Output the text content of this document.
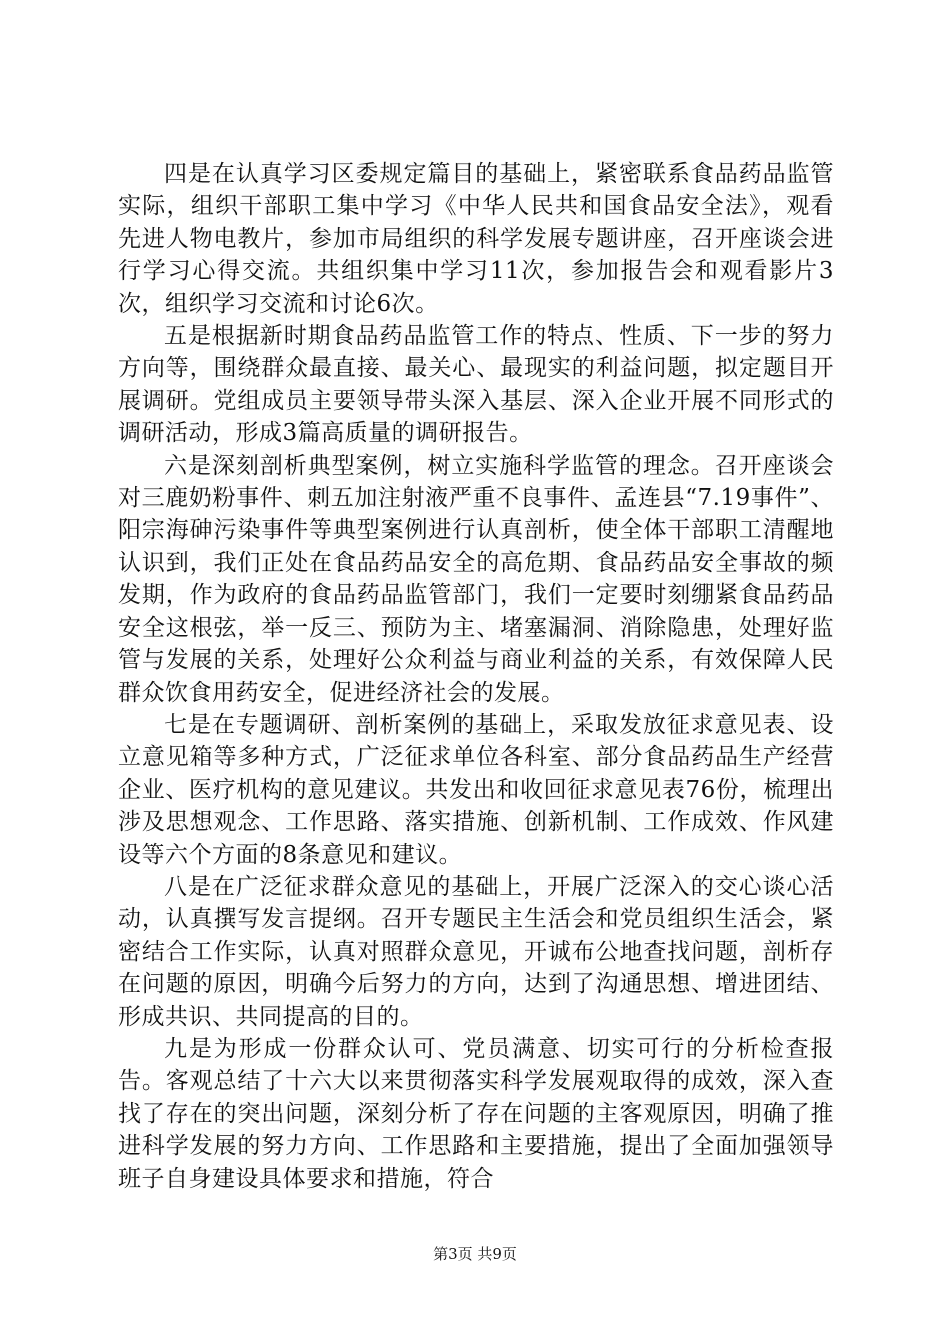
四是在认真学习区委规定篇目的基础上，紧密联系食品药品监管实际，组织干部职工集中学习《中华人民共和国食品安全法》，观看先进人物电教片，参加市局组织的科学发展专题讲座，召开座谈会进行学习心得交流。共组织集中学习11次，参加报告会和观看影片3次，组织学习交流和讨论6次。

五是根据新时期食品药品监管工作的特点、性质、下一步的努力方向等，围绕群众最直接、最关心、最现实的利益问题，拟定题目开展调研。党组成员主要领导带头深入基层、深入企业开展不同形式的调研活动，形成3篇高质量的调研报告。

六是深刻剖析典型案例，树立实施科学监管的理念。召开座谈会对三鹿奶粉事件、刺五加注射液严重不良事件、孟连县“7.19事件”、阳宗海砷污染事件等典型案例进行认真剖析，使全体干部职工清醒地认识到，我们正处在食品药品安全的高危期、食品药品安全事故的频发期，作为政府的食品药品监管部门，我们一定要时刻绷紧食品药品安全这根弦，举一反三、预防为主、堵塞漏洞、消除隐患，处理好监管与发展的关系，处理好公众利益与商业利益的关系，有效保障人民群众饮食用药安全，促进经济社会的发展。

七是在专题调研、剖析案例的基础上，采取发放征求意见表、设立意见箱等多种方式，广泛征求单位各科室、部分食品药品生产经营企业、医疗机构的意见建议。共发出和收回征求意见表76份，梳理出涉及思想观念、工作思路、落实措施、创新机制、工作成效、作风建设等六个方面的8条意见和建议。

八是在广泛征求群众意见的基础上，开展广泛深入的交心谈心活动，认真撰写发言提纲。召开专题民主生活会和党员组织生活会，紧密结合工作实际，认真对照群众意见，开诚布公地查找问题，剖析存在问题的原因，明确今后努力的方向，达到了沟通思想、增进团结、形成共识、共同提高的目的。

九是为形成一份群众认可、党员满意、切实可行的分析检查报告。客观总结了十六大以来贯彻落实科学发展观取得的成效，深入查找了存在的突出问题，深刻分析了存在问题的主客观原因，明确了推进科学发展的努力方向、工作思路和主要措施，提出了全面加强领导班子自身建设具体要求和措施，符合

第3页 共9页
